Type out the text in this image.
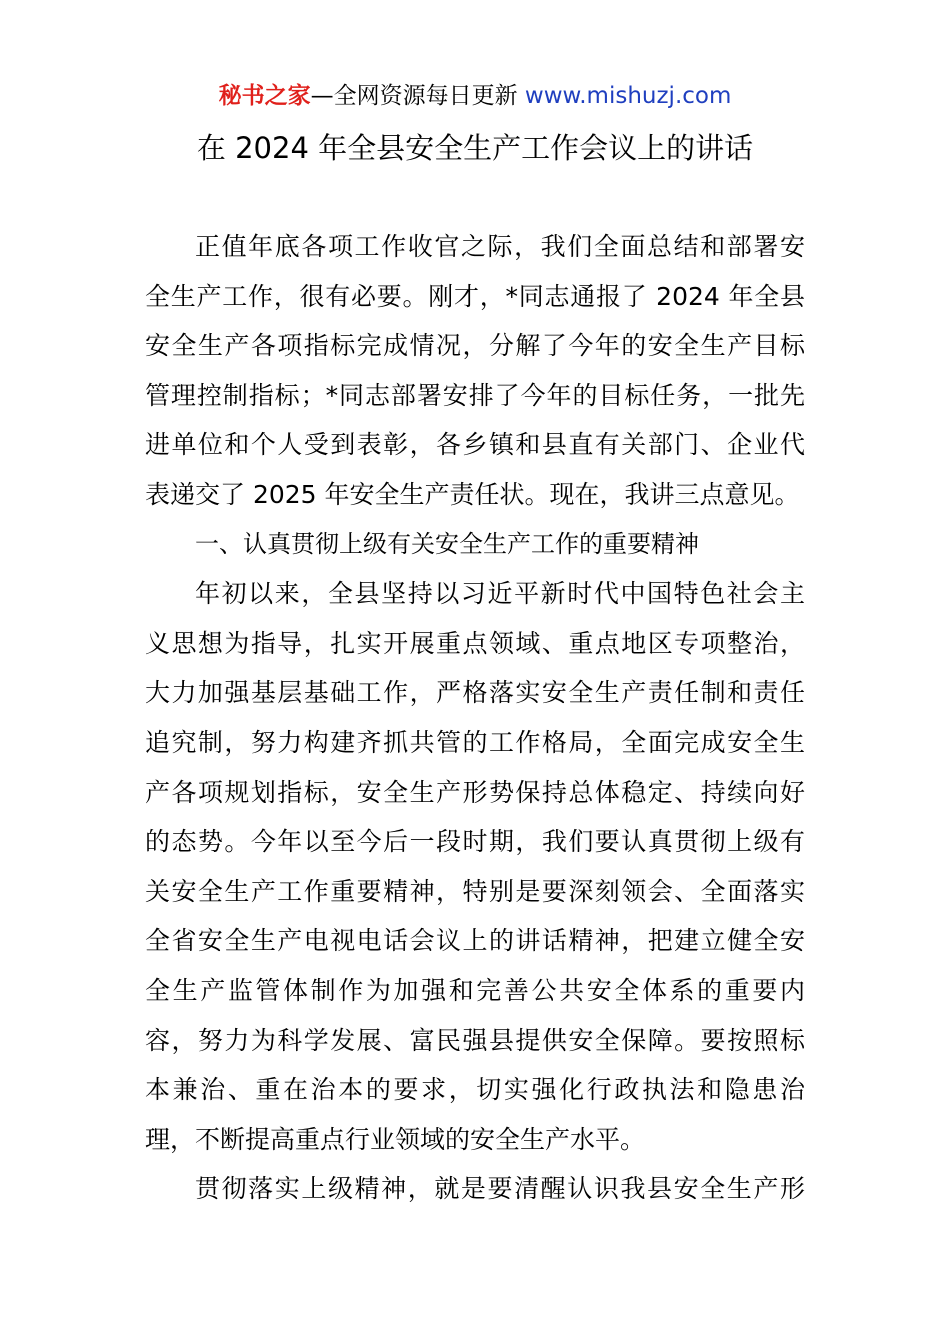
秘书之家—全网资源每日更新 www.mishuzj.com
在 2024 年全县安全生产工作会议上的讲话
正值年底各项工作收官之际，我们全面总结和部署安
全生产工作，很有必要。刚才，*同志通报了 2024 年全县
安全生产各项指标完成情况，分解了今年的安全生产目标
管理控制指标；*同志部署安排了今年的目标任务，一批先
进单位和个人受到表彰，各乡镇和县直有关部门、企业代
表递交了 2025 年安全生产责任状。现在，我讲三点意见。
一、认真贯彻上级有关安全生产工作的重要精神
年初以来，全县坚持以习近平新时代中国特色社会主
义思想为指导，扎实开展重点领域、重点地区专项整治，
大力加强基层基础工作，严格落实安全生产责任制和责任
追究制，努力构建齐抓共管的工作格局，全面完成安全生
产各项规划指标，安全生产形势保持总体稳定、持续向好
的态势。今年以至今后一段时期，我们要认真贯彻上级有
关安全生产工作重要精神，特别是要深刻领会、全面落实
全省安全生产电视电话会议上的讲话精神，把建立健全安
全生产监管体制作为加强和完善公共安全体系的重要内
容，努力为科学发展、富民强县提供安全保障。要按照标
本兼治、重在治本的要求，切实强化行政执法和隐患治
理，不断提高重点行业领域的安全生产水平。
贯彻落实上级精神，就是要清醒认识我县安全生产形
